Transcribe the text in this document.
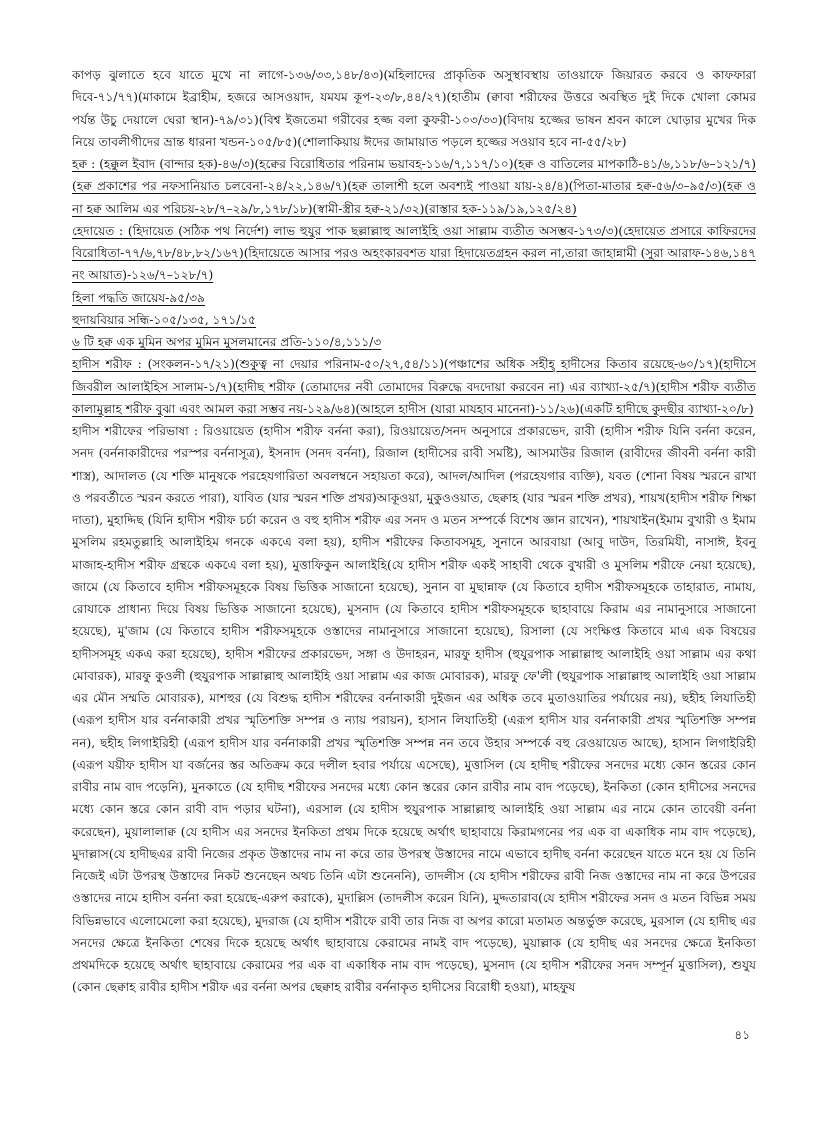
কাপড় ঝুলাতে হবে যাতে মুখে না লাগে-১৩৬/৩৩,১৪৮/৪৩)(মহিলাদের প্রাকৃতিক অসুস্থাবস্থায় তাওয়াফে জিয়ারত করবে ও কাফফারা দিবে-৭১/৭৭)(মাকামে ইব্রাহীম, হজরে আসওয়াদ, যমযম কূপ-২৩/৮,৪৪/২৭)(হাতীম (ক্বাবা শরীফের উত্তরে অবস্থিত দুই দিকে খোলা কোমর পর্যন্ত উচু দেয়ালে ঘেরা স্থান)-৭৯/৩১)(বিশ্ব ইজতেমা গরীবের হজ্জ বলা কুফরী-১০৩/৩৩)(বিদায় হজ্জের ভাষন শ্রবন কালে ঘোড়ার মুখের দিক নিয়ে তাবলীগীদের ভ্রান্ত ধারনা খন্ডন-১০৫/৮৫)(শোলাকিয়ায় ঈদের জামায়াত পড়লে হজ্জের সওয়াব হবে না-৫৫/২৮)

হক্ব : (হক্কুল ইবাদ (বান্দার হক)-৪৬/৩)(হক্বের বিরোধিতার পরিনাম ভয়াবহ-১১৬/৭,১১৭/১০)(হক্ব ও বাতিলের মাপকাঠি-৪১/৬,১১৮/৬–১২১/৭)(হক্ব প্রকাশের পর নফসানিয়াত চলবেনা-২৪/২২,১৪৬/৭)(হক্ব তালাশী হলে অবশ্যই পাওয়া যায়-২৪/৪)(পিতা-মাতার হক্ব-৫৬/৩–৯৫/৩)(হক্ব ও না হক্ব আলিম এর পরিচয়-২৮/৭–২৯/৮,১৭৮/১৮)(স্বামী-স্ত্রীর হক্ব-২১/৩২)(রাস্তার হক-১১৯/১৯,১২৫/২৪)

হেদায়েত : (হিদায়েত (সঠিক পথ নির্দেশ) লাভ হুযুর পাক ছল্লাল্লাহু আলাইহি ওয়া সাল্লাম ব্যতীত অসম্ভব-১৭৩/৩)(হেদায়েত প্রসারে কাফিরদের বিরোধিতা-৭৭/৬,৭৮/৪৮,৮২/১৬৭)(হিদায়েতে আসার পরও অহংকারবশত যারা হিদায়েতগ্রহন করল না,তারা জাহান্নামী (সুরা আরাফ-১৪৬,১৪৭ নং আয়াত)-১২৬/৭–১২৮/৭)

হিলা পদ্ধতি জায়েয-৯৫/৩৯

হুদায়বিয়ার সন্ধি-১০৫/১৩৫, ১৭১/১৫

৬ টি হক্ব এক মুমিন অপর মুমিন মুসলমানের প্রতি-১১০/৪,১১১/৩

হাদীস শরীফ : (সংকলন-১৭/২১)(শুকুত্ব না দেয়ার পরিনাম-৫০/২৭,৫৪/১১)(পঞ্চাশের অধিক সহীহ্ হাদীসের কিতাব রয়েছে-৬০/১৭)(হাদীসে জিবরীল আলাইহিস সালাম-১/৭)(হাদীছ শরীফ (তোমাদের নবী তোমাদের বিরুদ্ধে বদদোয়া করবেন না) এর ব্যাখ্যা-২৫/৭)(হাদীস শরীফ ব্যতীত কালামুল্লাহ শরীফ বুঝা এবং আমল করা সম্ভব নয়-১২৯/৬৪)(আহলে হাদীস (যারা মাযহাব মানেনা)-১১/২৬)(একটি হাদীছে কুদছীর ব্যাখ্যা-২০/৮)

হাদীস শরীফের পরিভাষা : রিওয়ায়েত (হাদীস শরীফ বর্ননা করা), রিওয়ায়েত/সনদ অনুসারে প্রকারভেদ, রাবী (হাদীস শরীফ যিনি বর্ননা করেন, সনদ (বর্ননাকারীদের পরস্পর বর্ননাসূত্র), ইসনাদ (সনদ বর্ননা), রিজাল (হাদীসের রাবী সমষ্টি), আসমাউর রিজাল (রাবীদের জীবনী বর্ননা কারী শাস্ত্র), আদালত (যে শক্তি মানুষকে পরহেযগারিতা অবলম্বনে সহায়তা করে), আদল/আদিল (পরহেযগার ব্যক্তি), যবত (শোনা বিষয় স্মরনে রাখা ও পরবর্তীতে স্মরন করতে পারা), যাবিত (যার স্মরন শক্তি প্রখর)আকূওয়া, মুকুওওয়াত, ছেক্বাহ (যার স্মরন শক্তি প্রখর), শায়খ(হাদীস শরীফ শিক্ষা দাতা), মুহাদ্দিছ (যিনি হাদীস শরীফ চর্চা করেন ও বহু হাদীস শরীফ এর সনদ ও মতন সম্পর্কে বিশেষ জ্ঞান রাখেন), শায়খাইন(ইমাম বুখারী ও ইমাম মুসলিম রহমতুল্লাহি আলাইহিম গনকে একএে বলা হয়), হাদীস শরীফের কিতাবসমূহ, সুনানে আরবায়া (আবু দাউদ, তিরমিযী, নাসাঈ, ইবনু মাজাহ-হাদীস শরীফ গ্রন্থকে একএে বলা হয়), মুত্তাফিকুন আলাইহি(যে হাদীস শরীফ একই সাহাবী থেকে বুখারী ও মুসলিম শরীফে নেয়া হয়েছে), জামে (যে কিতাবে হাদীস শরীফসমূহকে বিষয় ভিত্তিক সাজানো হয়েছে), সুনান বা মুছান্নাফ (যে কিতাবে হাদীস শরীফসমূহকে তাহারাত, নামায, রোযাকে প্রাধান্য দিয়ে বিষয় ভিত্তিক সাজানো হয়েছে), মুসনাদ (যে কিতাবে হাদীস শরীফসমূহকে ছাহাবায়ে কিরাম এর নামানুসারে সাজানো হয়েছে), মু'জাম (যে কিতাবে হাদীস শরীফসমূহকে ওস্তাদের নামানুসারে সাজানো হয়েছে), রিসালা (যে সংক্ষিপ্ত কিতাবে মাএ এক বিষয়ের হাদীসসমূহ একএ করা হয়েছে), হাদীস শরীফের প্রকারভেদ, সঙ্গা ও উদাহরন, মারফু হাদীস (হুযুরপাক সাল্লাল্লাহু আলাইহি ওয়া সাল্লাম এর কথা মোবারক), মারফু কুওলী (হুযুরপাক সাল্লাল্লাহু আলাইহি ওয়া সাল্লাম এর কাজ মোবারক), মারফু ফে'লী (হুযুরপাক সাল্লাল্লাহু আলাইহি ওয়া সাল্লাম এর মৌন সম্মতি মোবারক), মাশহুর (যে বিশুদ্ধ হাদীস শরীফের বর্ননাকারী দুইজন এর অধিক তবে মুতাওয়াতির পর্যায়ের নয়), ছহীহ লিযাতিহী (এরূপ হাদীস যার বর্ননাকারী প্রখর স্মৃতিশক্তি সম্পন্ন ও ন্যায় পরায়ন), হাসান লিযাতিহী (এরূপ হাদীস যার বর্ননাকারী প্রখর স্মৃতিশক্তি সম্পন্ন নন), ছহীহ লিগাইরিহী (এরূপ হাদীস যার বর্ননাকারী প্রখর স্মৃতিশক্তি সম্পন্ন নন তবে উহার সম্পর্কে বহু রেওয়ায়েত আছে), হাসান লিগাইরিহী (এরূপ যয়ীফ হাদীস যা বর্জনের স্তর অতিক্রম করে দলীল হবার পর্যায়ে এসেছে), মুত্তাসিল (যে হাদীছ শরীফের সনদের মধ্যে কোন স্তরের কোন রাবীর নাম বাদ পড়েনি), মুনকাতে (যে হাদীছ শরীফের সনদের মধ্যে কোন স্তরের কোন রাবীর নাম বাদ পড়েছে), ইনকিতা (কোন হাদীসের সনদের মধ্যে কোন স্তরে কোন রাবী বাদ পড়ার ঘটনা), এরসাল (যে হাদীস হুযুরপাক সাল্লাল্লাহু আলাইহি ওয়া সাল্লাম এর নামে কোন তাবেয়ী বর্ননা করেছেন), মুয়ালালাক্ব (যে হাদীস এর সনদের ইনকিতা প্রথম দিকে হয়েছে অর্থাৎ ছাহাবায়ে কিরামগনের পর এক বা একাধিক নাম বাদ পড়েছে), মুদাল্লাস(যে হাদীছএর রাবী নিজের প্রকৃত উস্তাদের নাম না করে তার উপরস্থ উস্তাদের নামে এভাবে হাদীছ বর্ননা করেছেন যাতে মনে হয় যে তিনি নিজেই এটা উপরস্থ উস্তাদের নিকট শুনেছেন অথচ তিনি এটা শুনেননি), তাদলীস (যে হাদীস শরীফের রাবী নিজ ওস্তাদের নাম না করে উপরের ওস্তাদের নামে হাদীস বর্ননা করা হয়েছে-এরুপ করাকে), মুদাল্লিস (তাদলীস করেন যিনি), মুদ্দতারাব(যে হাদীস শরীফের সনদ ও মতন বিভিন্ন সময় বিভিন্নভাবে এলোমেলো করা হয়েছে), মুদরাজ (যে হাদীস শরীফে রাবী তার নিজ বা অপর কারো মতামত অন্তর্ভুক্ত করেছে, মুরসাল (যে হাদীছ এর সনদের ক্ষেত্রে ইনকিতা শেষের দিকে হয়েছে অর্থাৎ ছাহাবায়ে কেরামের নামই বাদ পড়েছে), মুয়াল্লাক (যে হাদীছ এর সনদের ক্ষেত্রে ইনকিতা প্রথমদিকে হয়েছে অর্থাৎ ছাহাবায়ে কেরামের পর এক বা একাধিক নাম বাদ পড়েছে), মুসনাদ (যে হাদীস শরীফের সনদ সম্পূর্ন মুত্তাসিল), শুযুয (কোন ছেক্বাহ রাবীর হাদীস শরীফ এর বর্ননা অপর ছেক্বাহ রাবীর বর্ননাকৃত হাদীসের বিরোধী হওয়া), মাহফুয

৪১
